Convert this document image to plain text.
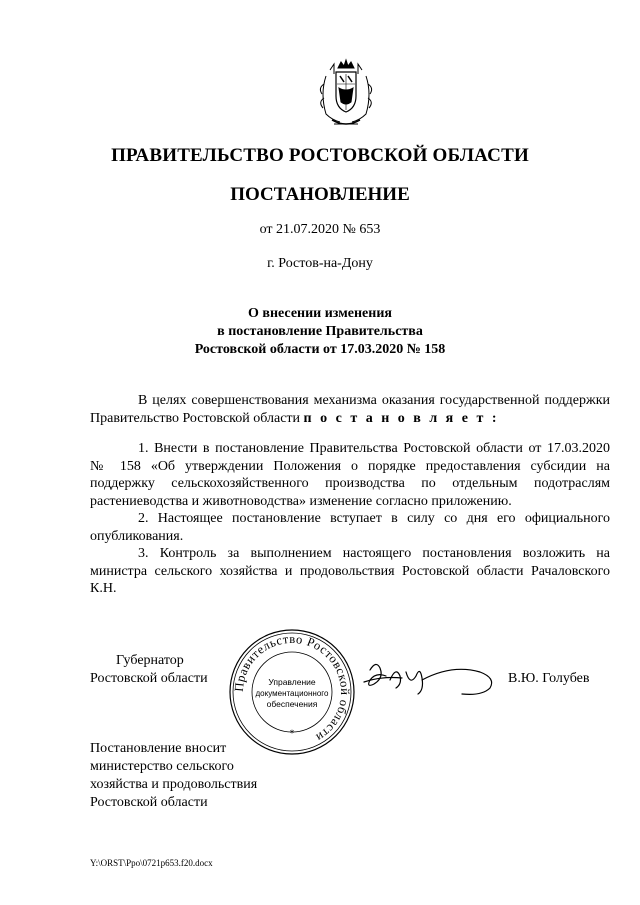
ПРАВИТЕЛЬСТВО РОСТОВСКОЙ ОБЛАСТИ
ПОСТАНОВЛЕНИЕ
от 21.07.2020 № 653
г. Ростов-на-Дону
О внесении изменения
в постановление Правительства
Ростовской области от 17.03.2020 № 158

В целях совершенствования механизма оказания государственной поддержки Правительство Ростовской области п о с т а н о в л я е т :

1. Внести в постановление Правительства Ростовской области от 17.03.2020 № 158 «Об утверждении Положения о порядке предоставления субсидии на поддержку сельскохозяйственного производства по отдельным подотраслям растениеводства и животноводства» изменение согласно приложению.

2. Настоящее постановление вступает в силу со дня его официального опубликования.

3. Контроль за выполнением настоящего постановления возложить на министра сельского хозяйства и продовольствия Ростовской области Рачаловского К.Н.

Губернатор
Ростовской области
Правительство Ростовской области
*
Управление
документационного
обеспечения
В.Ю. Голубев
Постановление вносит
министерство сельского
хозяйства и продовольствия
Ростовской области
Y:\ORST\Ppo\0721p653.f20.docx
